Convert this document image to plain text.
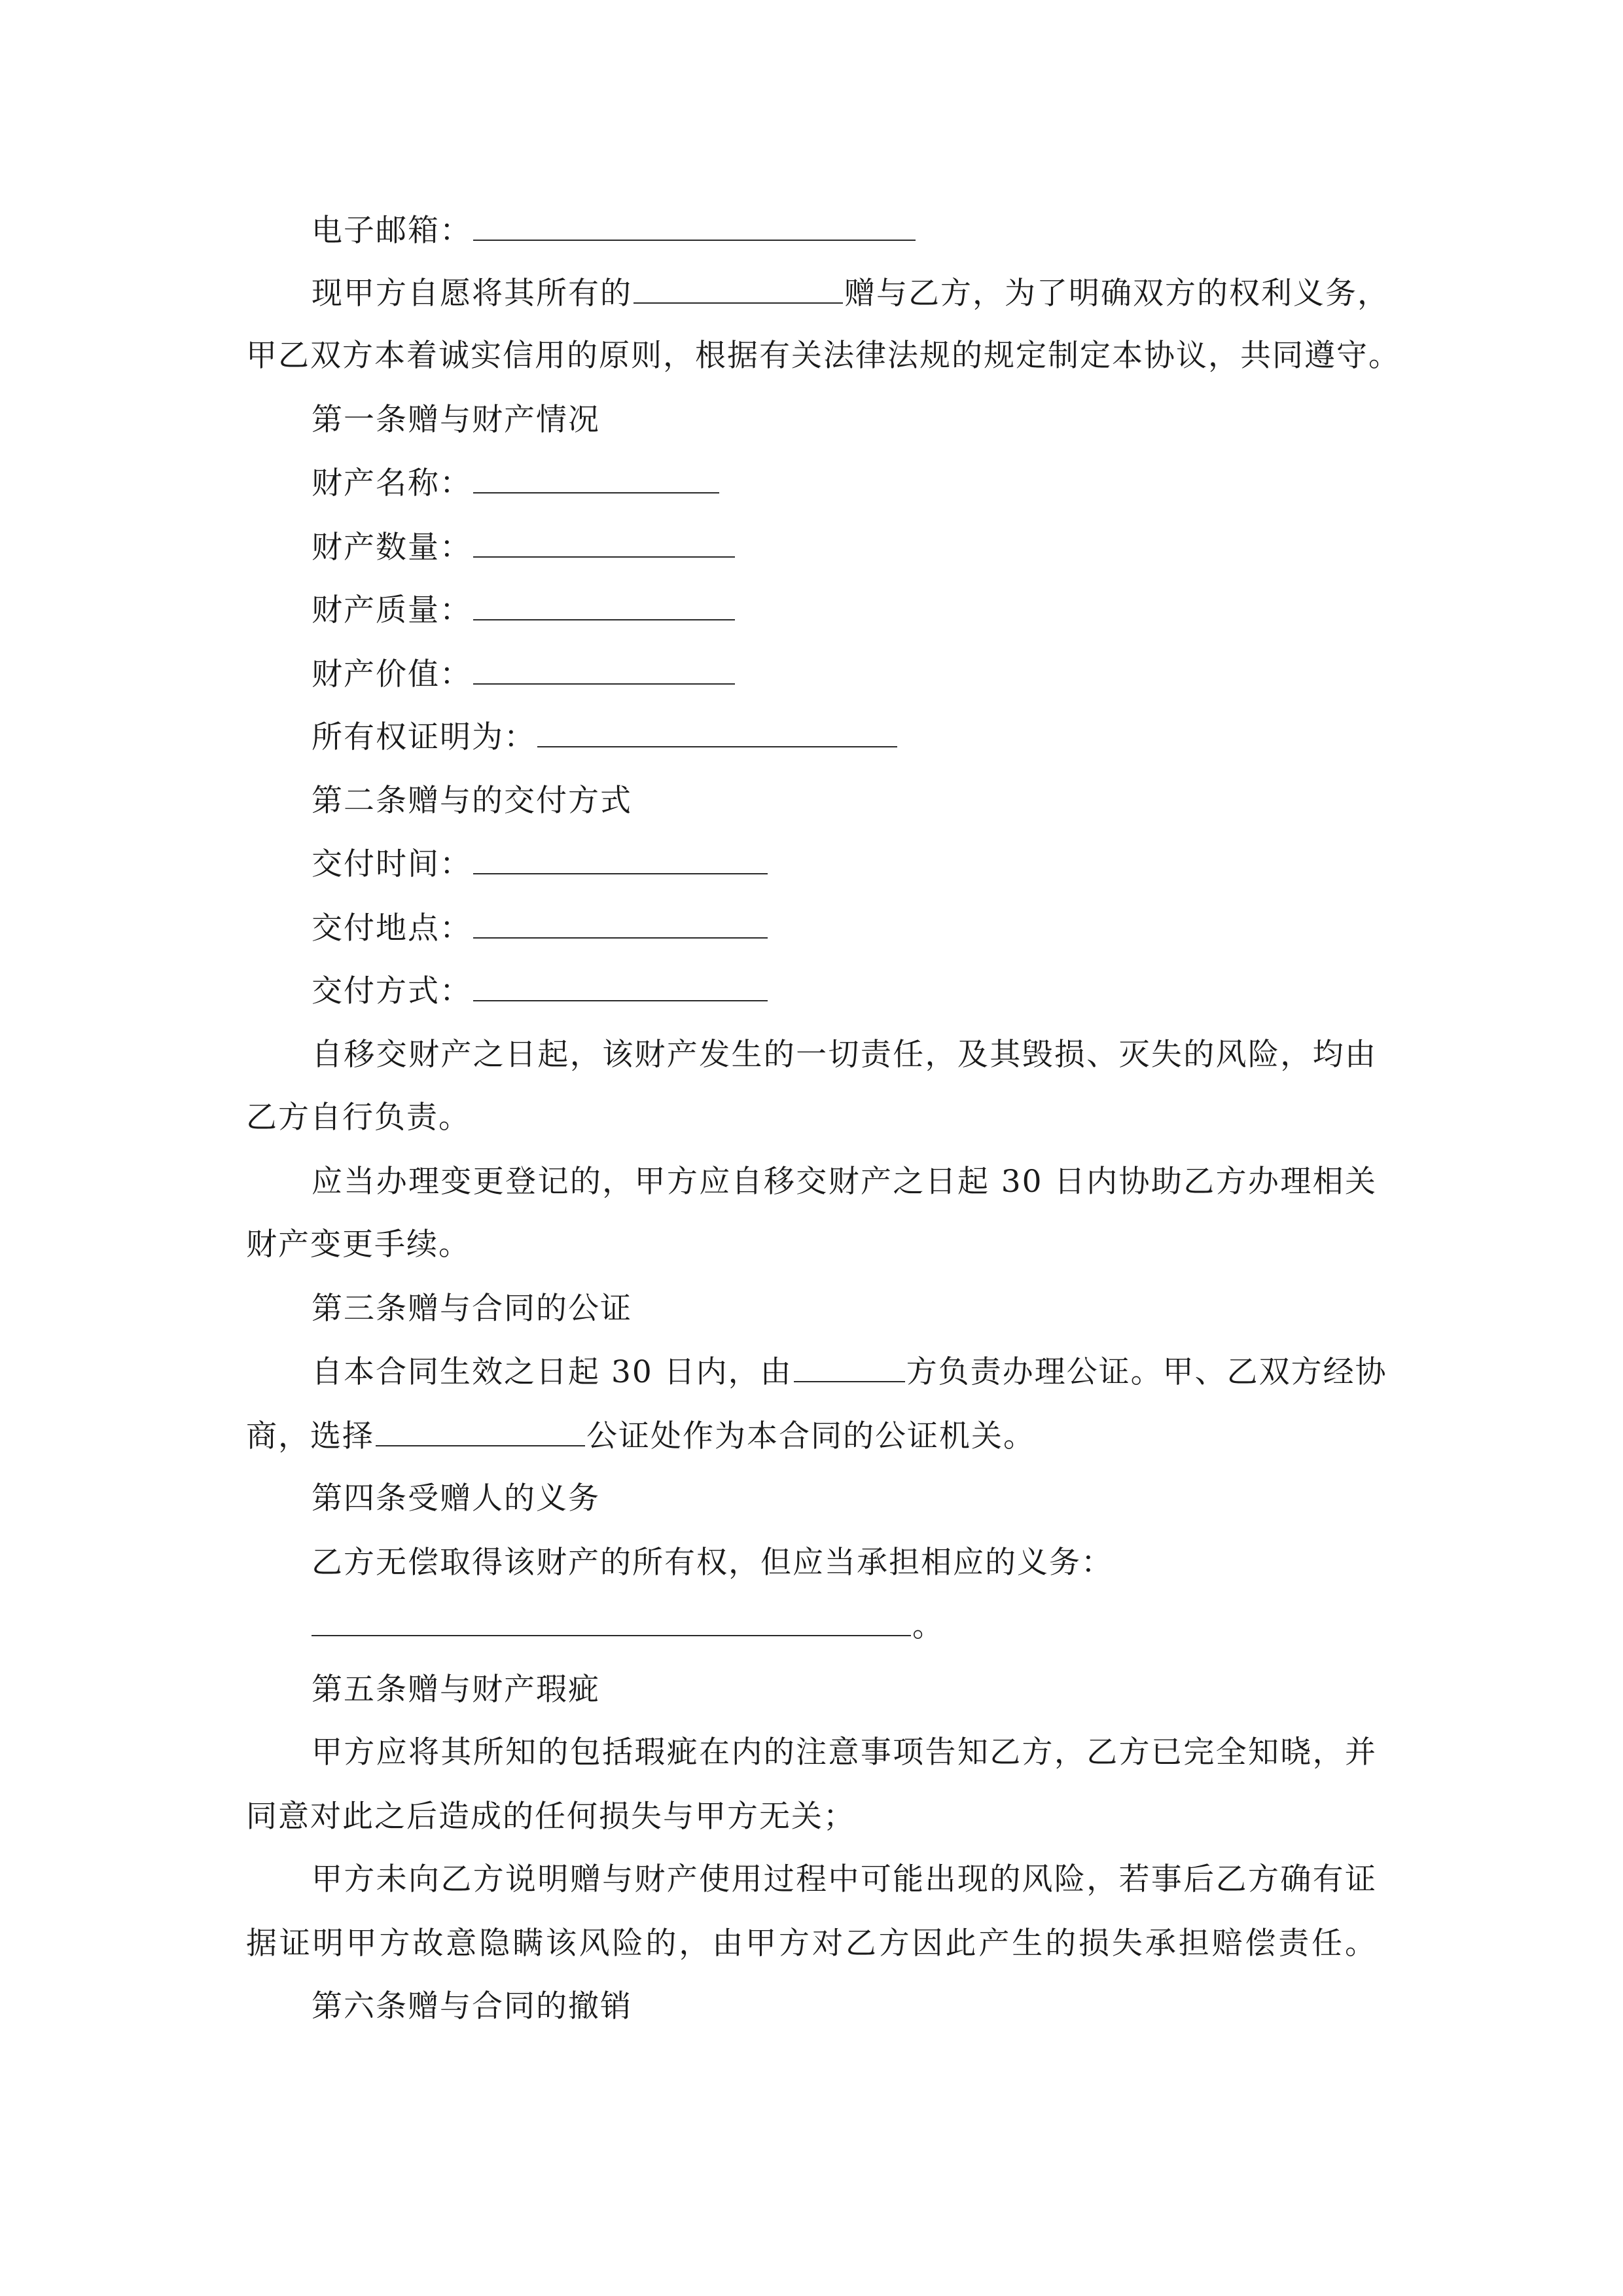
电子邮箱：
现甲方自愿将其所有的	赠与乙方，为了明确双方的权利义务，
甲乙双方本着诚实信用的原则，根据有关法律法规的规定制定本协议，共同遵守。
第一条赠与财产情况
财产名称：
财产数量：
财产质量：
财产价值：
所有权证明为：
第二条赠与的交付方式
交付时间：
交付地点：
交付方式：
自移交财产之日起，该财产发生的一切责任，及其毁损、灭失的风险，均由
乙方自行负责。
应当办理变更登记的，甲方应自移交财产之日起 30 日内协助乙方办理相关
财产变更手续。
第三条赠与合同的公证
自本合同生效之日起 30 日内，由	方负责办理公证。甲、乙双方经协
商，选择	公证处作为本合同的公证机关。
第四条受赠人的义务
乙方无偿取得该财产的所有权，但应当承担相应的义务：
。
第五条赠与财产瑕疵
甲方应将其所知的包括瑕疵在内的注意事项告知乙方，乙方已完全知晓，并
同意对此之后造成的任何损失与甲方无关；
甲方未向乙方说明赠与财产使用过程中可能出现的风险，若事后乙方确有证
据证明甲方故意隐瞒该风险的，由甲方对乙方因此产生的损失承担赔偿责任。
第六条赠与合同的撤销
